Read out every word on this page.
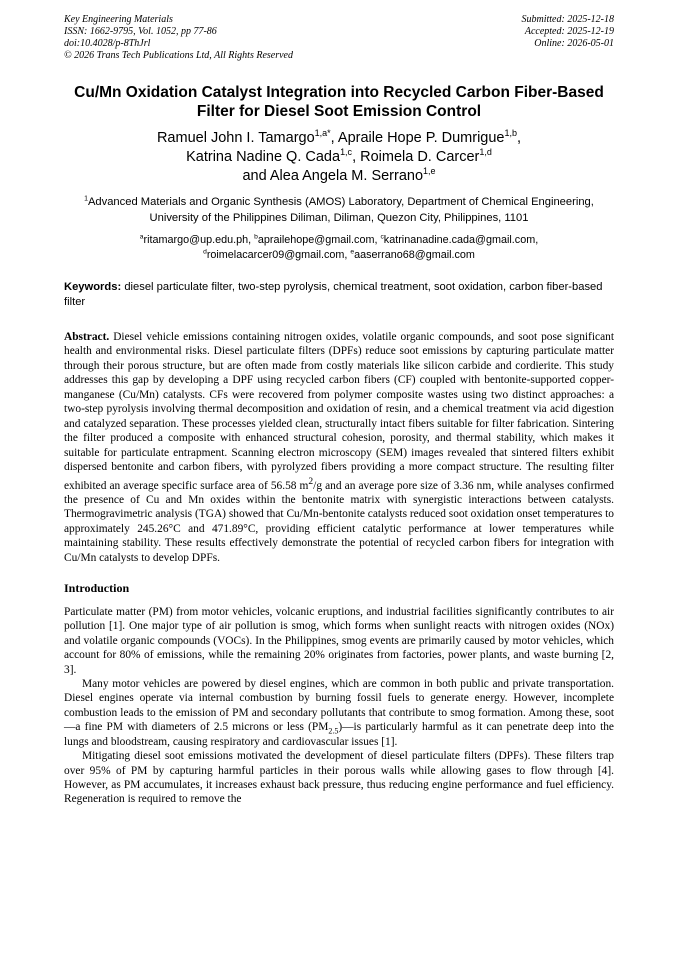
Key Engineering Materials
ISSN: 1662-9795, Vol. 1052, pp 77-86
doi:10.4028/p-8ThJrl
© 2026 Trans Tech Publications Ltd, All Rights Reserved
Submitted: 2025-12-18
Accepted: 2025-12-19
Online: 2026-05-01
Cu/Mn Oxidation Catalyst Integration into Recycled Carbon Fiber-Based Filter for Diesel Soot Emission Control
Ramuel John I. Tamargo$^{1,a*}$, Apraile Hope P. Dumrigue$^{1,b}$,
Katrina Nadine Q. Cada$^{1,c}$, Roimela D. Carcer$^{1,d}$
and Alea Angela M. Serrano$^{1,e}$
$^1$Advanced Materials and Organic Synthesis (AMOS) Laboratory, Department of Chemical Engineering, University of the Philippines Diliman, Diliman, Quezon City, Philippines, 1101
$^a$ritamargo@up.edu.ph, $^b$aprailehope@gmail.com, $^c$katrinanadine.cada@gmail.com,
$^d$roimelacarcer09@gmail.com, $^e$aaserrano68@gmail.com
Keywords: diesel particulate filter, two-step pyrolysis, chemical treatment, soot oxidation, carbon fiber-based filter
Abstract. Diesel vehicle emissions containing nitrogen oxides, volatile organic compounds, and soot pose significant health and environmental risks. Diesel particulate filters (DPFs) reduce soot emissions by capturing particulate matter through their porous structure, but are often made from costly materials like silicon carbide and cordierite. This study addresses this gap by developing a DPF using recycled carbon fibers (CF) coupled with bentonite-supported copper-manganese (Cu/Mn) catalysts. CFs were recovered from polymer composite wastes using two distinct approaches: a two-step pyrolysis involving thermal decomposition and oxidation of resin, and a chemical treatment via acid digestion and catalyzed separation. These processes yielded clean, structurally intact fibers suitable for filter fabrication. Sintering the filter produced a composite with enhanced structural cohesion, porosity, and thermal stability, which makes it suitable for particulate entrapment. Scanning electron microscopy (SEM) images revealed that sintered filters exhibit dispersed bentonite and carbon fibers, with pyrolyzed fibers providing a more compact structure. The resulting filter exhibited an average specific surface area of 56.58 $m^2/g$ and an average pore size of 3.36 nm, while analyses confirmed the presence of Cu and Mn oxides within the bentonite matrix with synergistic interactions between catalysts. Thermogravimetric analysis (TGA) showed that Cu/Mn-bentonite catalysts reduced soot oxidation onset temperatures to approximately 245.26°C and 471.89°C, providing efficient catalytic performance at lower temperatures while maintaining stability. These results effectively demonstrate the potential of recycled carbon fibers for integration with Cu/Mn catalysts to develop DPFs.
Introduction

Particulate matter (PM) from motor vehicles, volcanic eruptions, and industrial facilities significantly contributes to air pollution [1]. One major type of air pollution is smog, which forms when sunlight reacts with nitrogen oxides (NOx) and volatile organic compounds (VOCs). In the Philippines, smog events are primarily caused by motor vehicles, which account for 80% of emissions, while the remaining 20% originates from factories, power plants, and waste burning [2, 3].

Many motor vehicles are powered by diesel engines, which are common in both public and private transportation. Diesel engines operate via internal combustion by burning fossil fuels to generate energy. However, incomplete combustion leads to the emission of PM and secondary pollutants that contribute to smog formation. Among these, soot—a fine PM with diameters of 2.5 microns or less $(PM_{2.5})—is$ particularly harmful as it can penetrate deep into the lungs and bloodstream, causing respiratory and cardiovascular issues [1].

Mitigating diesel soot emissions motivated the development of diesel particulate filters (DPFs). These filters trap over 95% of PM by capturing harmful particles in their porous walls while allowing gases to flow through [4]. However, as PM accumulates, it increases exhaust back pressure, thus reducing engine performance and fuel efficiency. Regeneration is required to remove the
